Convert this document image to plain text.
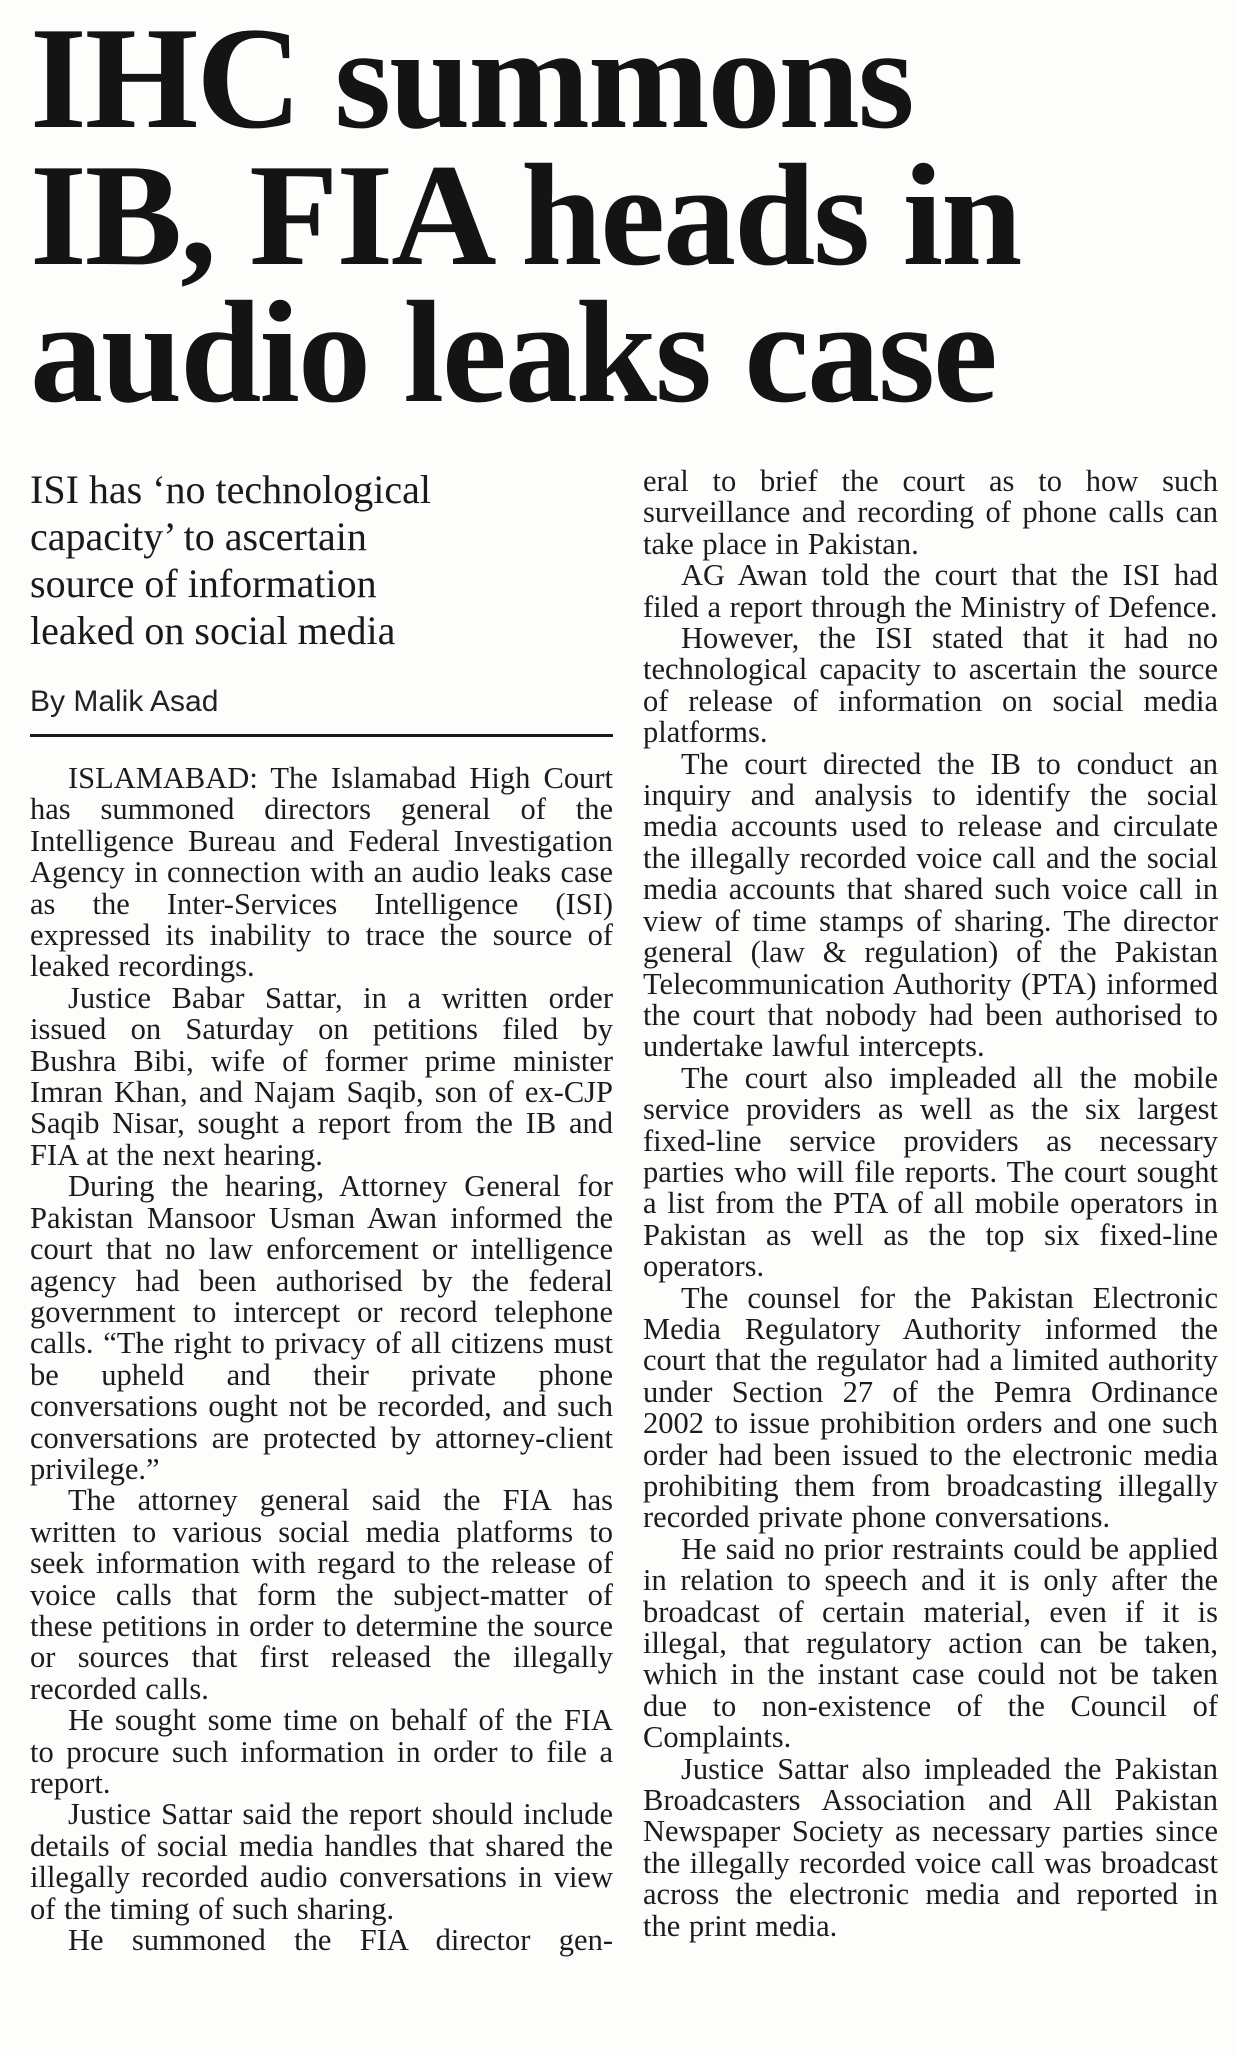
IHC summons
IB, FIA heads in
audio leaks case
ISI has ‘no technological
capacity’ to ascertain
source of information
leaked on social media
By Malik Asad

ISLAMABAD: The Islamabad High Court has summoned directors general of the Intelligence Bureau and Federal Investigation Agency in connection with an audio leaks case as the Inter-Services Intelligence (ISI) expressed its inability to trace the source of leaked recordings.

Justice Babar Sattar, in a written order issued on Saturday on petitions filed by Bushra Bibi, wife of former prime minister Imran Khan, and Najam Saqib, son of ex-CJP Saqib Nisar, sought a report from the IB and FIA at the next hearing.

During the hearing, Attorney General for Pakistan Mansoor Usman Awan informed the court that no law enforcement or intelligence agency had been authorised by the federal government to intercept or record telephone calls. “The right to privacy of all citizens must be upheld and their private phone conversations ought not be recorded, and such conversations are protected by attorney-client privilege.”

The attorney general said the FIA has written to various social media platforms to seek information with regard to the release of voice calls that form the subject-matter of these petitions in order to determine the source or sources that first released the illegally recorded calls.

He sought some time on behalf of the FIA to procure such information in order to file a report.

Justice Sattar said the report should include details of social media handles that shared the illegally recorded audio conversations in view of the timing of such sharing.

He summoned the FIA director gen-

eral to brief the court as to how such surveillance and recording of phone calls can take place in Pakistan.

AG Awan told the court that the ISI had filed a report through the Ministry of Defence.

However, the ISI stated that it had no technological capacity to ascertain the source of release of information on social media platforms.

The court directed the IB to conduct an inquiry and analysis to identify the social media accounts used to release and circulate the illegally recorded voice call and the social media accounts that shared such voice call in view of time stamps of sharing. The director general (law & regulation) of the Pakistan Telecommunication Authority (PTA) informed the court that nobody had been authorised to undertake lawful intercepts.

The court also impleaded all the mobile service providers as well as the six largest fixed-line service providers as necessary parties who will file reports. The court sought a list from the PTA of all mobile operators in Pakistan as well as the top six fixed-line operators.

The counsel for the Pakistan Electronic Media Regulatory Authority informed the court that the regulator had a limited authority under Section 27 of the Pemra Ordinance 2002 to issue prohibition orders and one such order had been issued to the electronic media prohibiting them from broadcasting illegally recorded private phone conversations.

He said no prior restraints could be applied in relation to speech and it is only after the broadcast of certain material, even if it is illegal, that regulatory action can be taken, which in the instant case could not be taken due to non-existence of the Council of Complaints.

Justice Sattar also impleaded the Pakistan Broadcasters Association and All Pakistan Newspaper Society as necessary parties since the illegally recorded voice call was broadcast across the electronic media and reported in the print media.
